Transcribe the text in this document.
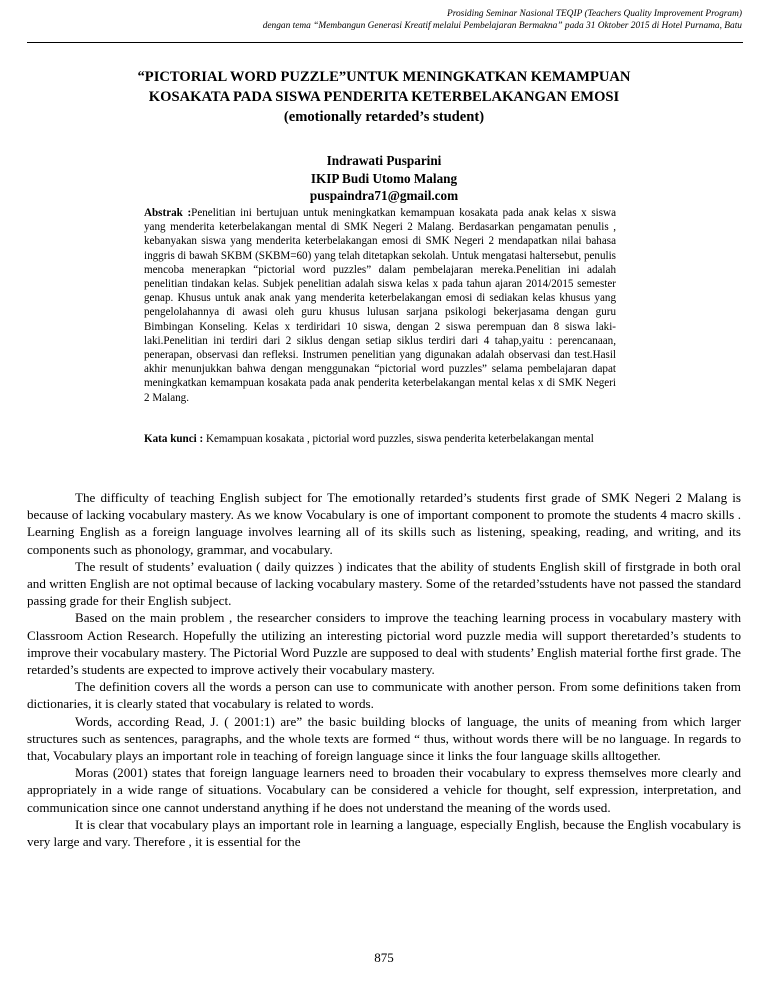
Prosiding Seminar Nasional TEQIP (Teachers Quality Improvement Program)
dengan tema “Membangun Generasi Kreatif melalui Pembelajaran Bermakna” pada 31 Oktober 2015 di Hotel Purnama, Batu
“PICTORIAL WORD PUZZLE”UNTUK MENINGKATKAN KEMAMPUAN
KOSAKATA PADA SISWA PENDERITA KETERBELAKANGAN EMOSI
(emotionally retarded’s student)
Indrawati Pusparini
IKIP Budi Utomo Malang
puspaindra71@gmail.com
Abstrak :Penelitian ini bertujuan untuk meningkatkan kemampuan kosakata pada anak kelas x siswa yang menderita keterbelakangan mental di SMK Negeri 2 Malang. Berdasarkan pengamatan penulis , kebanyakan siswa yang menderita keterbelakangan emosi di SMK Negeri 2 mendapatkan nilai bahasa inggris di bawah SKBM (SKBM=60) yang telah ditetapkan sekolah. Untuk mengatasi haltersebut, penulis mencoba menerapkan “pictorial word puzzles” dalam pembelajaran mereka.Penelitian ini adalah penelitian tindakan kelas. Subjek penelitian adalah siswa kelas x pada tahun ajaran 2014/2015 semester genap. Khusus untuk anak anak yang menderita keterbelakangan emosi di sediakan kelas khusus yang pengelolahannya di awasi oleh guru khusus lulusan sarjana psikologi bekerjasama dengan guru Bimbingan Konseling. Kelas x terdiridari 10 siswa, dengan 2 siswa perempuan dan 8 siswa laki-laki.Penelitian ini terdiri dari 2 siklus dengan setiap siklus terdiri dari 4 tahap,yaitu : perencanaan, penerapan, observasi dan refleksi. Instrumen penelitian yang digunakan adalah observasi dan test.Hasil akhir menunjukkan bahwa dengan menggunakan “pictorial word puzzles” selama pembelajaran dapat meningkatkan kemampuan kosakata pada anak penderita keterbelakangan mental kelas x di SMK Negeri 2 Malang.
Kata kunci : Kemampuan kosakata , pictorial word puzzles, siswa penderita keterbelakangan mental

The difficulty of teaching English subject for The emotionally retarded’s students first grade of SMK Negeri 2 Malang is because of lacking vocabulary mastery. As we know Vocabulary is one of important component to promote the students 4 macro skills . Learning English as a foreign language involves learning all of its skills such as listening, speaking, reading, and writing, and its components such as phonology, grammar, and vocabulary.

The result of students’ evaluation ( daily quizzes ) indicates that the ability of students English skill of firstgrade in both oral and written English are not optimal because of lacking vocabulary mastery. Some of the retarded’sstudents have not passed the standard passing grade for their English subject.

Based on the main problem , the researcher considers to improve the teaching learning process in vocabulary mastery with Classroom Action Research. Hopefully the utilizing an interesting pictorial word puzzle media will support theretarded’s students to improve their vocabulary mastery. The Pictorial Word Puzzle are supposed to deal with students’ English material forthe first grade. The retarded’s students are expected to improve actively their vocabulary mastery.

The definition covers all the words a person can use to communicate with another person. From some definitions taken from dictionaries, it is clearly stated that vocabulary is related to words.

Words, according Read, J. ( 2001:1) are” the basic building blocks of language, the units of meaning from which larger structures such as sentences, paragraphs, and the whole texts are formed “ thus, without words there will be no language. In regards to that, Vocabulary plays an important role in teaching of foreign language since it links the four language skills alltogether.

Moras (2001) states that foreign language learners need to broaden their vocabulary to express themselves more clearly and appropriately in a wide range of situations. Vocabulary can be considered a vehicle for thought, self expression, interpretation, and communication since one cannot understand anything if he does not understand the meaning of the words used.

It is clear that vocabulary plays an important role in learning a language, especially English, because the English vocabulary is very large and vary. Therefore , it is essential for the

875
